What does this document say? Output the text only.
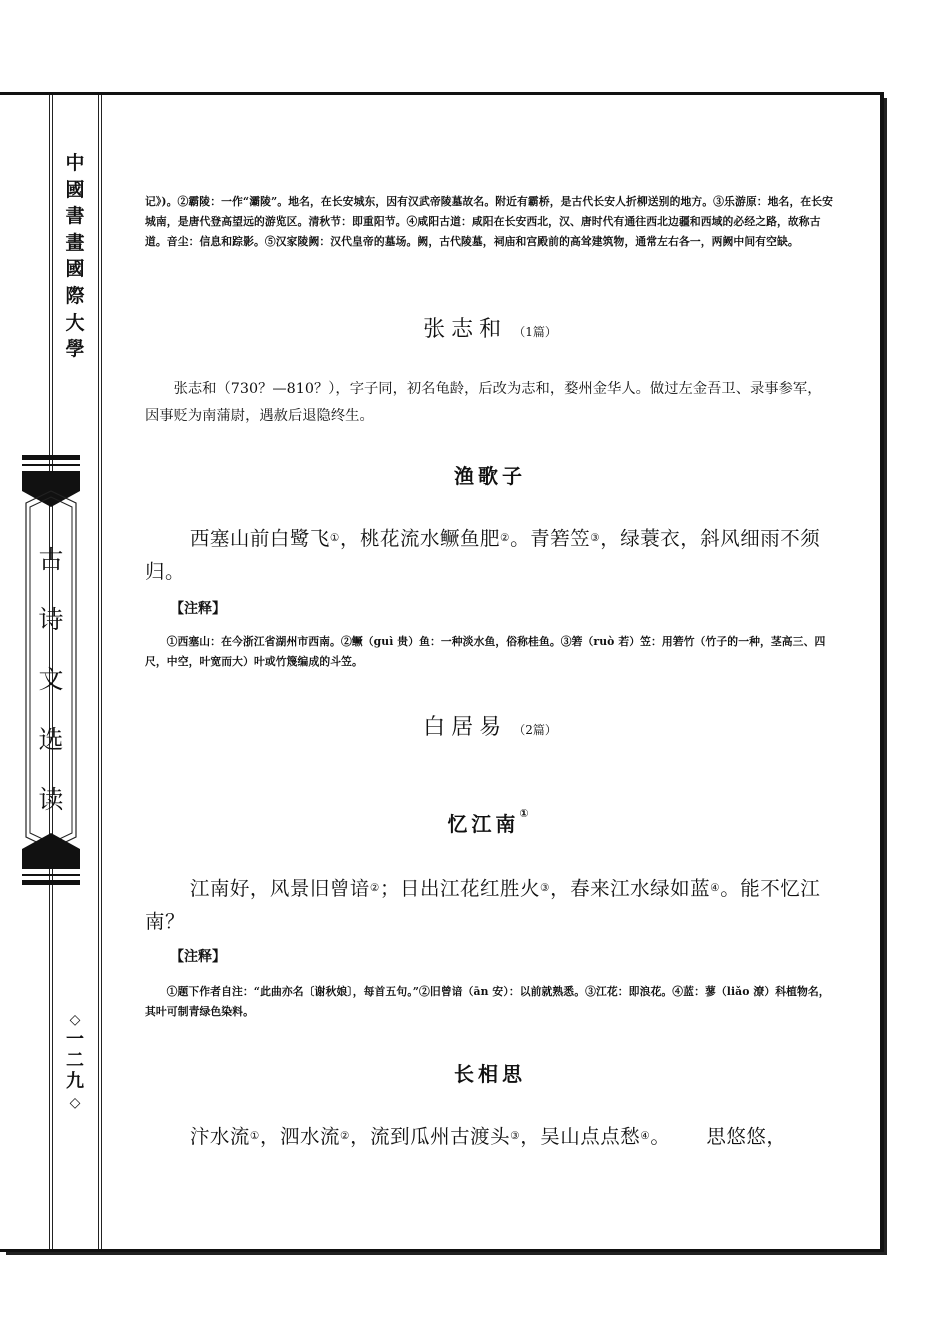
中
國
書
畫
國
際
大
學
古
诗
文
选
读
◇
一
二
九
◇
记》)。②霸陵：一作“灞陵”。地名，在长安城东，因有汉武帝陵墓故名。附近有霸桥，是古代长安人折柳送别的地方。③乐游原：地名，在长安城南，是唐代登高望远的游览区。清秋节：即重阳节。④咸阳古道：咸阳在长安西北，汉、唐时代有通往西北边疆和西域的必经之路，故称古道。音尘：信息和踪影。⑤汉家陵阙：汉代皇帝的墓场。阙，古代陵墓，祠庙和宫殿前的高耸建筑物，通常左右各一，两阙中间有空缺。
张志和 （1篇）
张志和（730？—810？），字子同，初名龟龄，后改为志和，婺州金华人。做过左金吾卫、录事参军，因事贬为南蒲尉，遇赦后退隐终生。
渔歌子
西塞山前白鹭飞①，桃花流水鳜鱼肥②。青箬笠③，绿蓑衣，斜风细雨不须归。
【注释】
①西塞山：在今浙江省湖州市西南。②鳜（guì 贵）鱼：一种淡水鱼，俗称桂鱼。③箬（ruò 若）笠：用箬竹（竹子的一种，茎高三、四尺，中空，叶宽而大）叶或竹篾编成的斗笠。
白居易 （2篇）
忆江南①
江南好，风景旧曾谙②；日出江花红胜火③，春来江水绿如蓝④。能不忆江南？
【注释】
①题下作者自注：“此曲亦名〔谢秋娘〕，每首五句。”②旧曾谙（ān 安）：以前就熟悉。③江花：即浪花。④蓝：蓼（liǎo 潦）科植物名，其叶可制青绿色染料。
长相思
汴水流①，泗水流②，流到瓜州古渡头③，吴山点点愁④。 思悠悠，
